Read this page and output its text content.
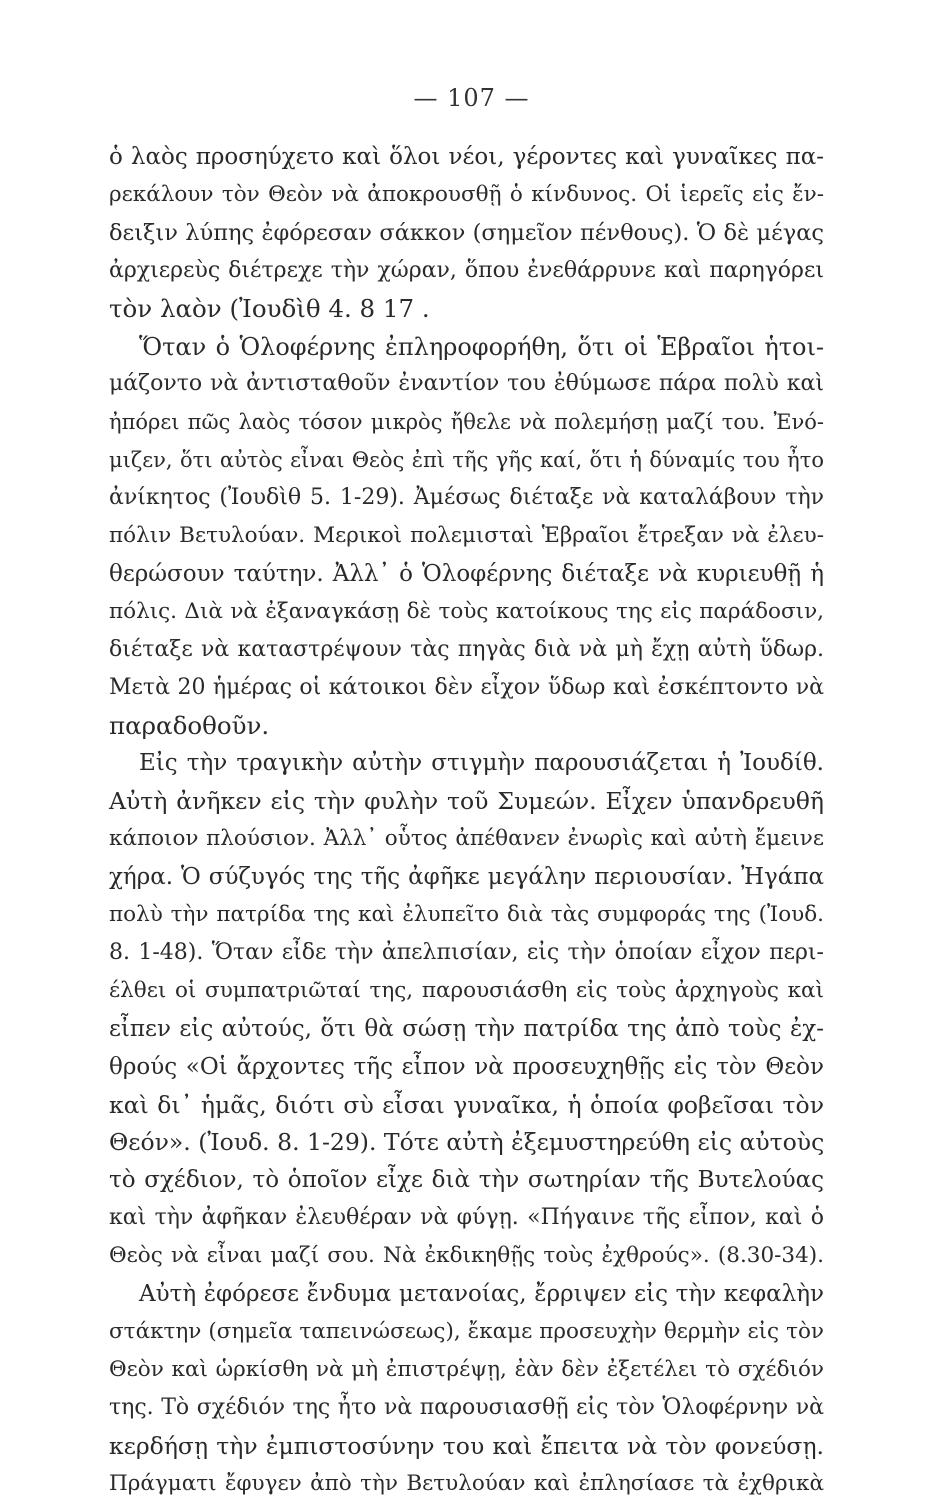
— 107 —
ὁ λαὸς προσηύχετο καὶ ὅλοι νέοι, γέροντες καὶ γυναῖκες πα-
ρεκάλουν τὸν Θεὸν νὰ ἀποκρουσθῇ ὁ κίνδυνος. Οἱ ἱερεῖς εἰς ἔν-
δειξιν λύπης ἐφόρεσαν σάκκον (σημεῖον πένθους). Ὁ δὲ μέγας
ἀρχιερεὺς διέτρεχε τὴν χώραν, ὅπου ἐνεθάρρυνε καὶ παρηγόρει
τὸν λαὸν (Ἰουδὶθ 4. 8 17 .
Ὅταν ὁ Ὁλοφέρνης ἐπληροφορήθη, ὅτι οἱ Ἑβραῖοι ἡτοι-
μάζοντο νὰ ἀντισταθοῦν ἐναντίον του ἐθύμωσε πάρα πολὺ καὶ
ἠπόρει πῶς λαὸς τόσον μικρὸς ἤθελε νὰ πολεμήσῃ μαζί του. Ἐνό-
μιζεν, ὅτι αὐτὸς εἶναι Θεὸς ἐπὶ τῆς γῆς καί, ὅτι ἡ δύναμίς του ἦτο
ἀνίκητος (Ἰουδὶθ 5. 1-29). Ἀμέσως διέταξε νὰ καταλάβουν τὴν
πόλιν Βετυλούαν. Μερικοὶ πολεμισταὶ Ἑβραῖοι ἔτρεξαν νὰ ἐλευ-
θερώσουν ταύτην. Ἀλλ᾽ ὁ Ὁλοφέρνης διέταξε νὰ κυριευθῇ ἡ
πόλις. Διὰ νὰ ἐξαναγκάσῃ δὲ τοὺς κατοίκους της εἰς παράδοσιν,
διέταξε νὰ καταστρέψουν τὰς πηγὰς διὰ νὰ μὴ ἔχῃ αὐτὴ ὕδωρ.
Μετὰ 20 ἡμέρας οἱ κάτοικοι δὲν εἶχον ὕδωρ καὶ ἐσκέπτοντο νὰ
παραδοθοῦν.
Εἰς τὴν τραγικὴν αὐτὴν στιγμὴν παρουσιάζεται ἡ Ἰουδίθ.
Αὐτὴ ἀνῆκεν εἰς τὴν φυλὴν τοῦ Συμεών. Εἶχεν ὑπανδρευθῆ
κάποιον πλούσιον. Ἀλλ᾽ οὗτος ἀπέθανεν ἐνωρὶς καὶ αὐτὴ ἔμεινε
χήρα. Ὁ σύζυγός της τῆς ἀφῆκε μεγάλην περιουσίαν. Ἠγάπα
πολὺ τὴν πατρίδα της καὶ ἐλυπεῖτο διὰ τὰς συμφοράς της (Ἰουδ.
8. 1-48). Ὅταν εἶδε τὴν ἀπελπισίαν, εἰς τὴν ὁποίαν εἶχον περι-
έλθει οἱ συμπατριῶταί της, παρουσιάσθη εἰς τοὺς ἀρχηγοὺς καὶ
εἶπεν εἰς αὐτούς, ὅτι θὰ σώσῃ τὴν πατρίδα της ἀπὸ τοὺς ἐχ-
θρούς «Οἱ ἄρχοντες τῆς εἶπον νὰ προσευχηθῇς εἰς τὸν Θεὸν
καὶ δι᾽ ἡμᾶς, διότι σὺ εἶσαι γυναῖκα, ἡ ὁποία φοβεῖσαι τὸν
Θεόν». (Ἰουδ. 8. 1-29). Τότε αὐτὴ ἐξεμυστηρεύθη εἰς αὐτοὺς
τὸ σχέδιον, τὸ ὁποῖον εἶχε διὰ τὴν σωτηρίαν τῆς Βυτελούας
καὶ τὴν ἀφῆκαν ἐλευθέραν νὰ φύγῃ. «Πήγαινε τῆς εἶπον, καὶ ὁ
Θεὸς νὰ εἶναι μαζί σου. Νὰ ἐκδικηθῇς τοὺς ἐχθρούς». (8.30-34).
Αὐτὴ ἐφόρεσε ἔνδυμα μετανοίας, ἔρριψεν εἰς τὴν κεφαλὴν
στάκτην (σημεῖα ταπεινώσεως), ἔκαμε προσευχὴν θερμὴν εἰς τὸν
Θεὸν καὶ ὡρκίσθη νὰ μὴ ἐπιστρέψῃ, ἐὰν δὲν ἐξετέλει τὸ σχέδιόν
της. Τὸ σχέδιόν της ἦτο νὰ παρουσιασθῇ εἰς τὸν Ὁλοφέρνην νὰ
κερδήσῃ τὴν ἐμπιστοσύνην του καὶ ἔπειτα νὰ τὸν φονεύσῃ.
Πράγματι ἔφυγεν ἀπὸ τὴν Βετυλούαν καὶ ἐπλησίασε τὰ ἐχθρικὰ
